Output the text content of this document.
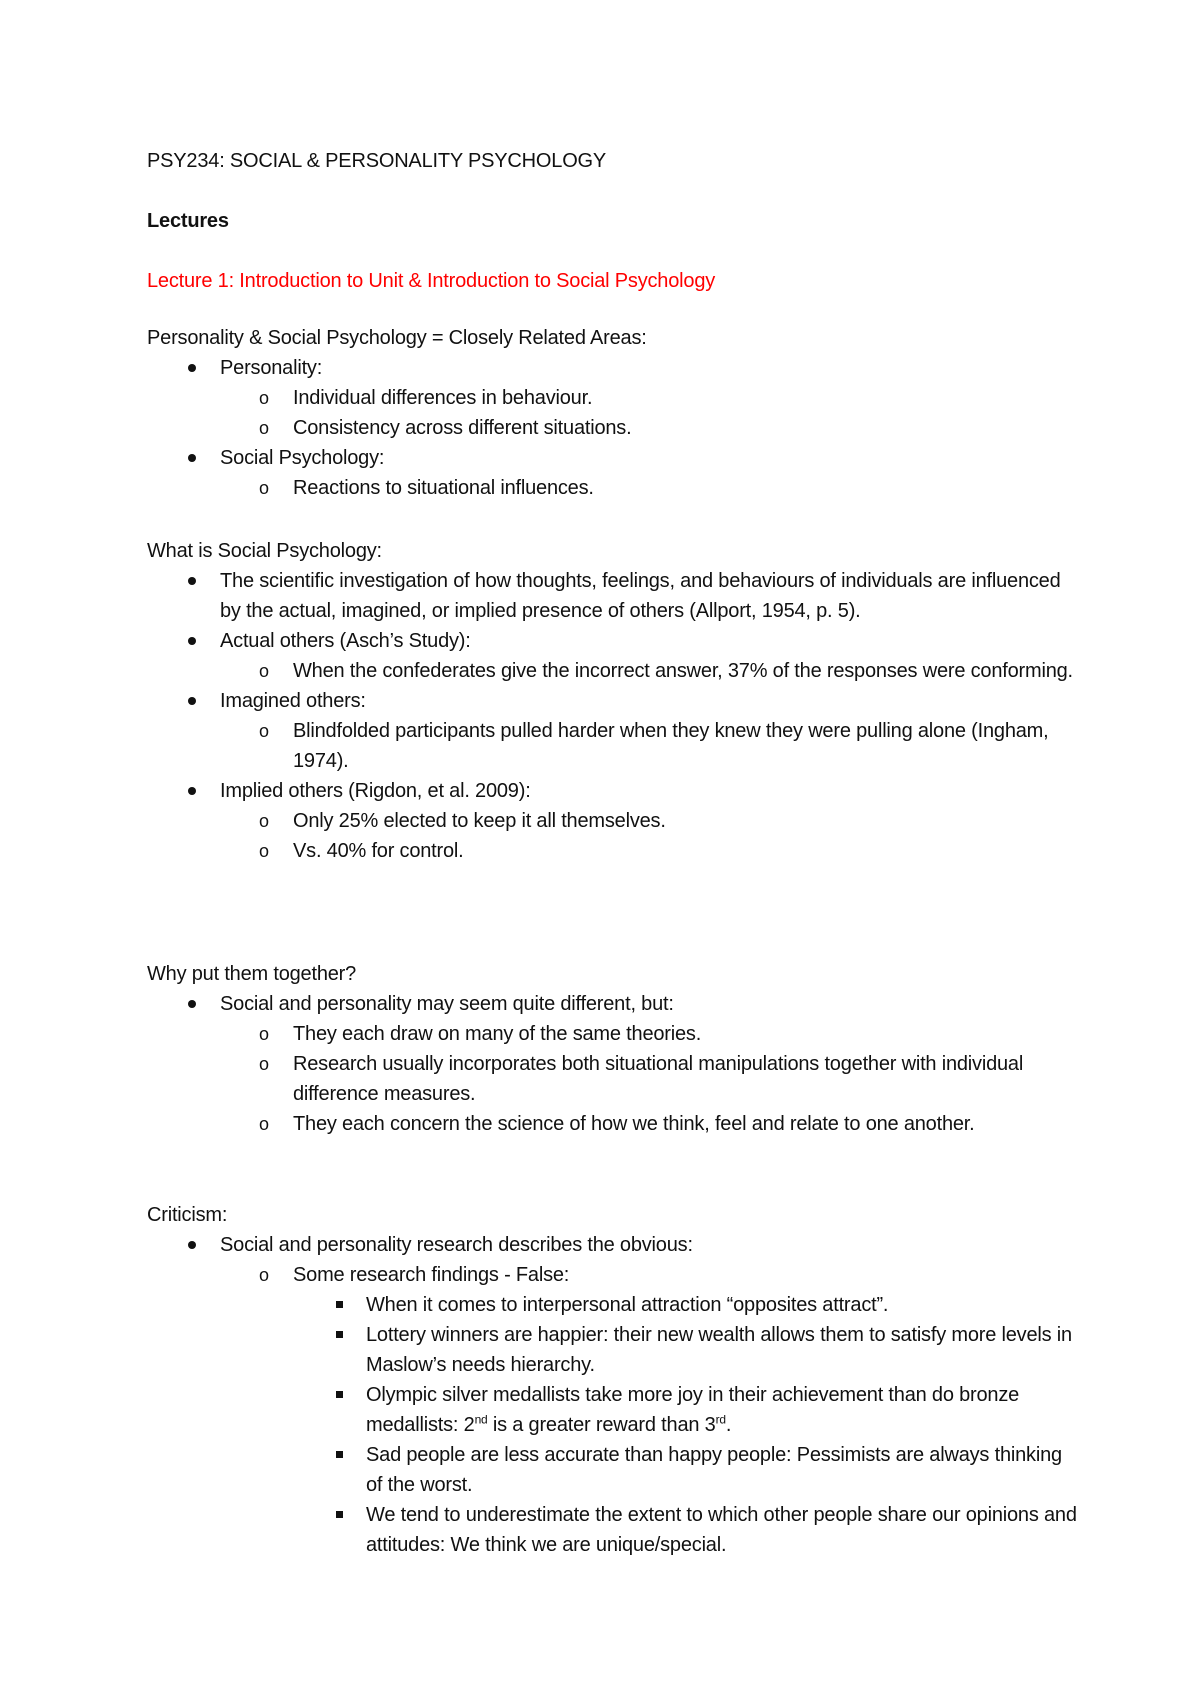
PSY234: SOCIAL & PERSONALITY PSYCHOLOGY
Lectures
Lecture 1: Introduction to Unit & Introduction to Social Psychology
Personality & Social Psychology = Closely Related Areas:
Personality:
o Individual differences in behaviour.
o Consistency across different situations.
Social Psychology:
o Reactions to situational influences.
What is Social Psychology:
The scientific investigation of how thoughts, feelings, and behaviours of individuals are influenced by the actual, imagined, or implied presence of others (Allport, 1954, p. 5).
Actual others (Asch’s Study):
o When the confederates give the incorrect answer, 37% of the responses were conforming.
Imagined others:
o Blindfolded participants pulled harder when they knew they were pulling alone (Ingham, 1974).
Implied others (Rigdon, et al. 2009):
o Only 25% elected to keep it all themselves.
o Vs. 40% for control.
Why put them together?
Social and personality may seem quite different, but:
o They each draw on many of the same theories.
o Research usually incorporates both situational manipulations together with individual difference measures.
o They each concern the science of how we think, feel and relate to one another.
Criticism:
Social and personality research describes the obvious:
o Some research findings - False:
When it comes to interpersonal attraction “opposites attract”.
Lottery winners are happier: their new wealth allows them to satisfy more levels in Maslow’s needs hierarchy.
Olympic silver medallists take more joy in their achievement than do bronze medallists: 2nd is a greater reward than 3rd.
Sad people are less accurate than happy people: Pessimists are always thinking of the worst.
We tend to underestimate the extent to which other people share our opinions and attitudes: We think we are unique/special.
